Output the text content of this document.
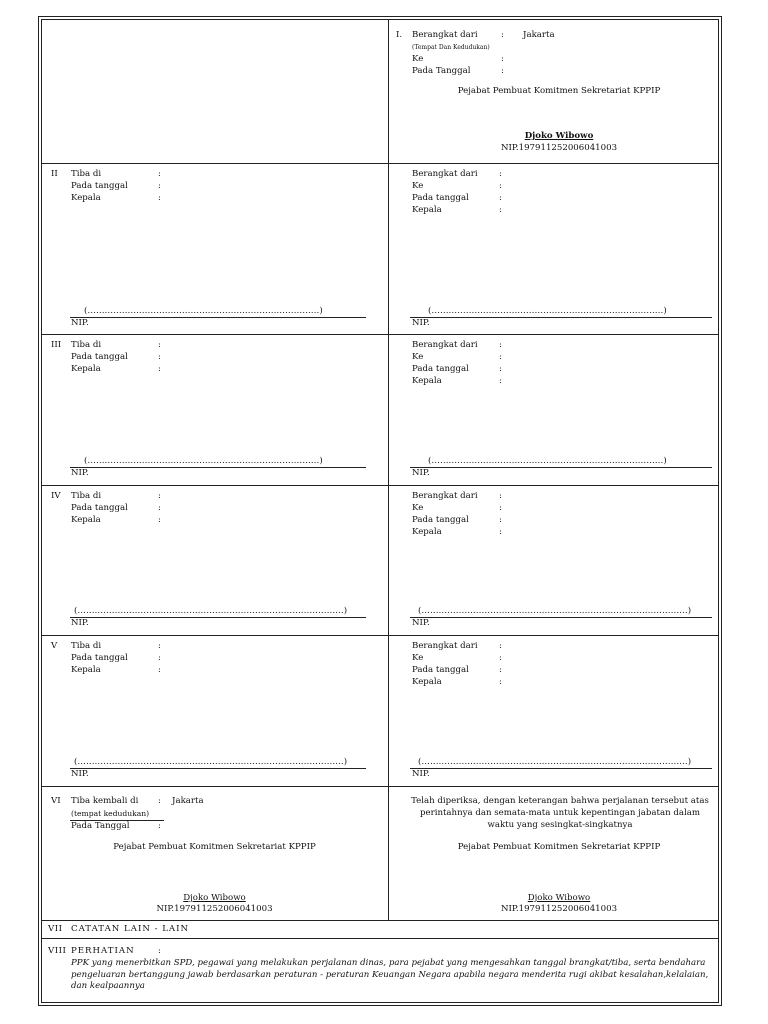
I. Berangkat dari	: Jakarta
(Tempat Dan Kedudukan)
Ke	:
Pada Tanggal	:
Pejabat Pembuat Komitmen Sekretariat KPPIP
Djoko Wibowo
NIP.197911252006041003
II Tiba di	:
Pada tanggal	:
Kepala	:
(………………………………………………………………………)
NIP.
Berangkat dari :
Ke	:
Pada tanggal	:
Kepala	:
(………………………………………………………………………)
NIP.
III Tiba di	:
Pada tanggal	:
Kepala	:
(………………………………………………………………………)
NIP.
Berangkat dari :
Ke	:
Pada tanggal	:
Kepala	:
(………………………………………………………………………)
NIP.
IV Tiba di	:
Pada tanggal	:
Kepala	:
(…………………………………………………………………………………)
NIP.
Berangkat dari :
Ke	:
Pada tanggal	:
Kepala	:
(…………………………………………………………………………………)
NIP.
V Tiba di	:
Pada tanggal	:
Kepala	:
(…………………………………………………………………………………)
NIP.
Berangkat dari :
Ke	:
Pada tanggal	:
Kepala	:
(…………………………………………………………………………………)
NIP.
VI Tiba kembali di : Jakarta
(tempat kedudukan)
Pada Tanggal	:
Pejabat Pembuat Komitmen Sekretariat KPPIP
Djoko Wibowo
NIP.197911252006041003
Telah diperiksa, dengan keterangan bahwa perjalanan tersebut atas perintahnya dan semata-mata untuk kepentingan jabatan dalam waktu yang sesingkat-singkatnya
Pejabat Pembuat Komitmen Sekretariat KPPIP
Djoko Wibowo
NIP.197911252006041003
VII CATATAN LAIN - LAIN
VIII PERHATIAN	:
PPK yang menerbitkan SPD, pegawai yang melakukan perjalanan dinas, para pejabat yang mengesahkan tanggal brangkat/tiba, serta bendahara pengeluaran bertanggung jawab berdasarkan peraturan - peraturan Keuangan Negara apabila negara menderita rugi akibat kesalahan,kelalaian, dan kealpaannya
